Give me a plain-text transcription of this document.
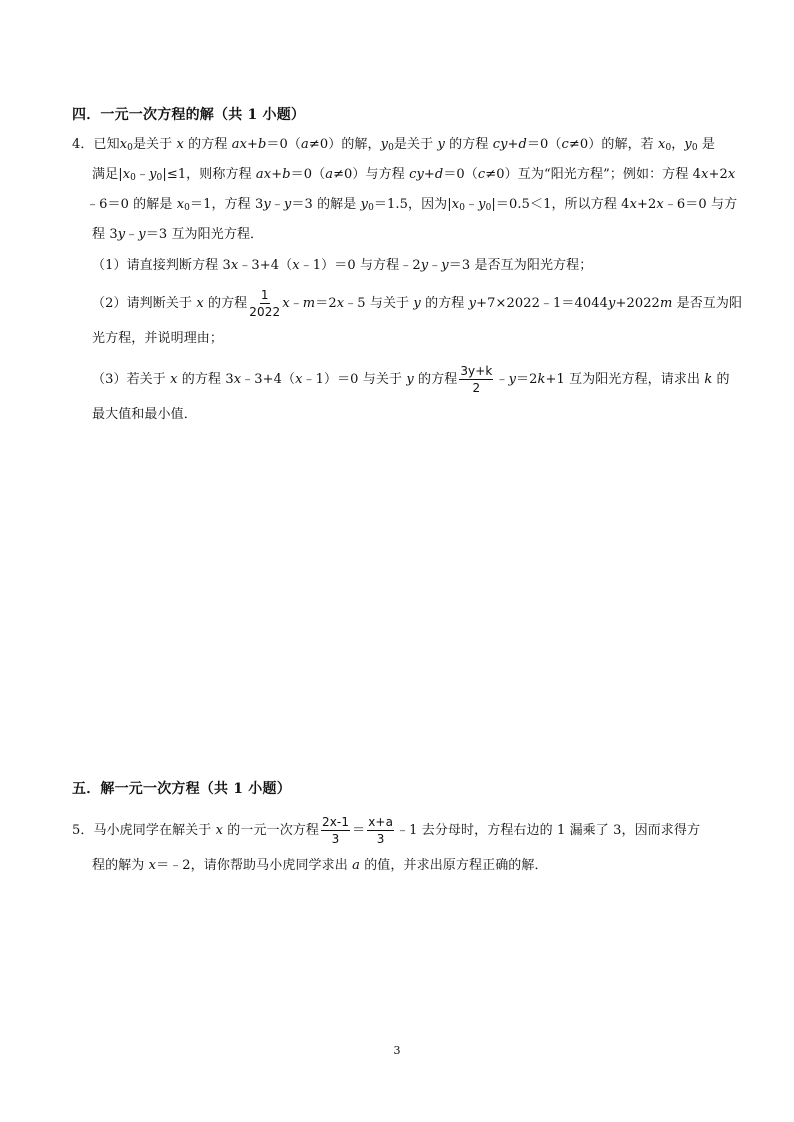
四．一元一次方程的解（共 1 小题）
4．已知$x_0$是关于 x 的方程 ax+b＝0（a≠0）的解，$y_0$是关于 y 的方程 cy+d＝0（c≠0）的解，若 $x_0$，$y_0$ 是
满足$|x_0﹣y_0|\le 1$，则称方程 ax+b＝0（a≠0）与方程 cy+d＝0（c≠0）互为“阳光方程”；例如：方程 4x+2x
﹣6＝0 的解是 $x_0=1$，方程 3y﹣y＝3 的解是 $y_0=1.5$，因为$|x_0﹣y_0|=0.5<1$，所以方程 4x+2x﹣6＝0 与方
程 3y﹣y＝3 互为阳光方程．
（1）请直接判断方程 3x﹣3+4（x﹣1）＝0 与方程﹣2y﹣y＝3 是否互为阳光方程；
（2）请判断关于 x 的方程 $\frac{1}{2022}$ x﹣m＝2x﹣5 与关于 y 的方程 y+7×2022﹣1＝4044y+2022m 是否互为阳
光方程，并说明理由；
（3）若关于 x 的方程 3x﹣3+4（x﹣1）＝0 与关于 y 的方程 $\frac{3y+k}{2}$ ﹣y＝2k+1 互为阳光方程，请求出 k 的
最大值和最小值．
五．解一元一次方程（共 1 小题）
5．马小虎同学在解关于 x 的一元一次方程 $\frac{2x-1}{3} = \frac{x+a}{3}$ ﹣1 去分母时，方程右边的 1 漏乘了 3，因而求得方
程的解为 x＝﹣2，请你帮助马小虎同学求出 a 的值，并求出原方程正确的解．
3
